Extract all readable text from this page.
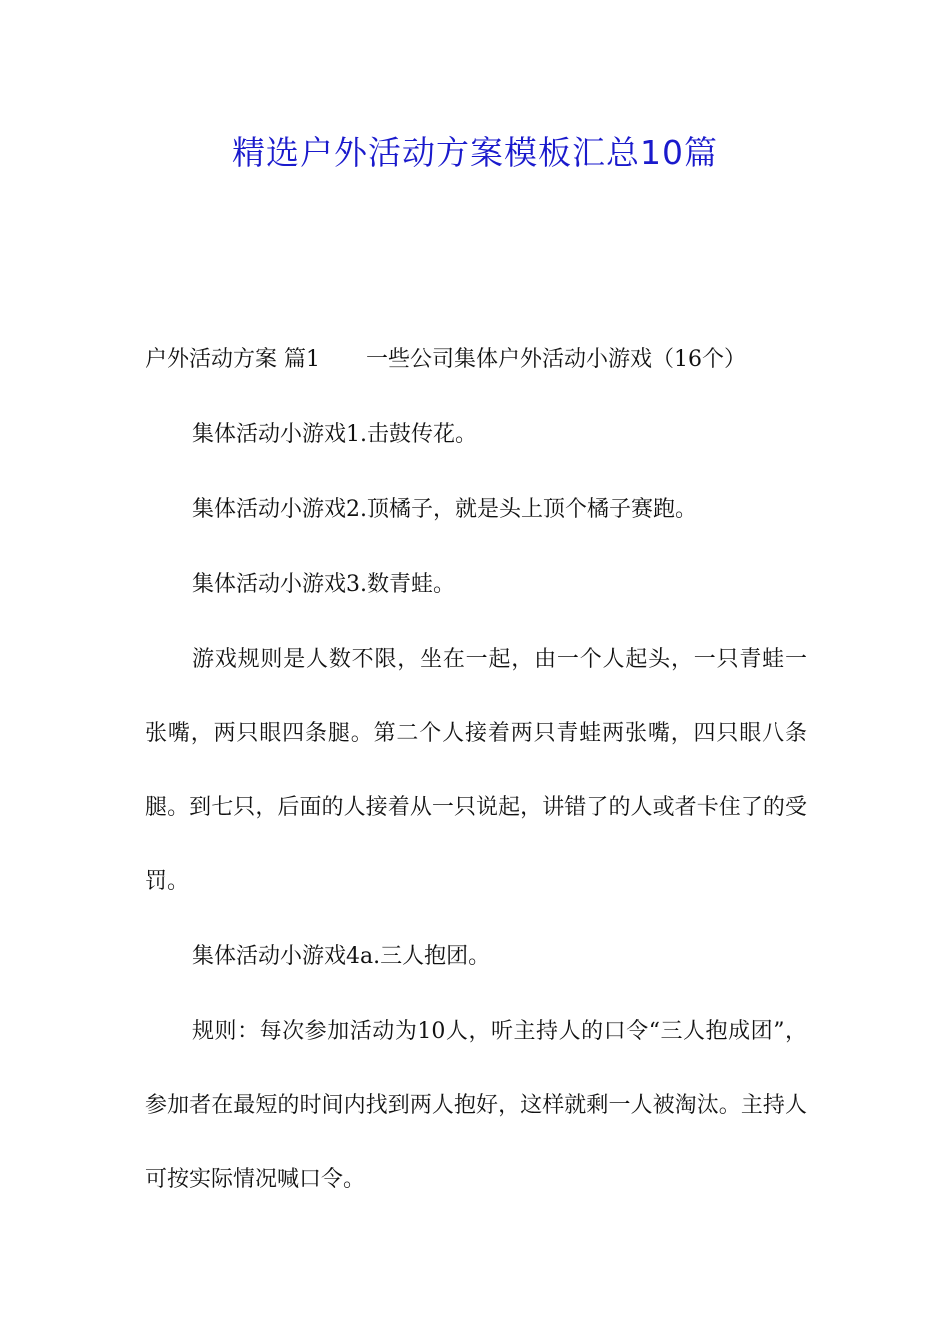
精选户外活动方案模板汇总10篇

户外活动方案 篇1 一些公司集体户外活动小游戏（16个）

集体活动小游戏1.击鼓传花。

集体活动小游戏2.顶橘子，就是头上顶个橘子赛跑。

集体活动小游戏3.数青蛙。

游戏规则是人数不限，坐在一起，由一个人起头，一只青蛙一张嘴，两只眼四条腿。第二个人接着两只青蛙两张嘴，四只眼八条腿。到七只，后面的人接着从一只说起，讲错了的人或者卡住了的受罚。

集体活动小游戏4a.三人抱团。

规则：每次参加活动为10人，听主持人的口令“三人抱成团”，参加者在最短的时间内找到两人抱好，这样就剩一人被淘汰。主持人可按实际情况喊口令。
